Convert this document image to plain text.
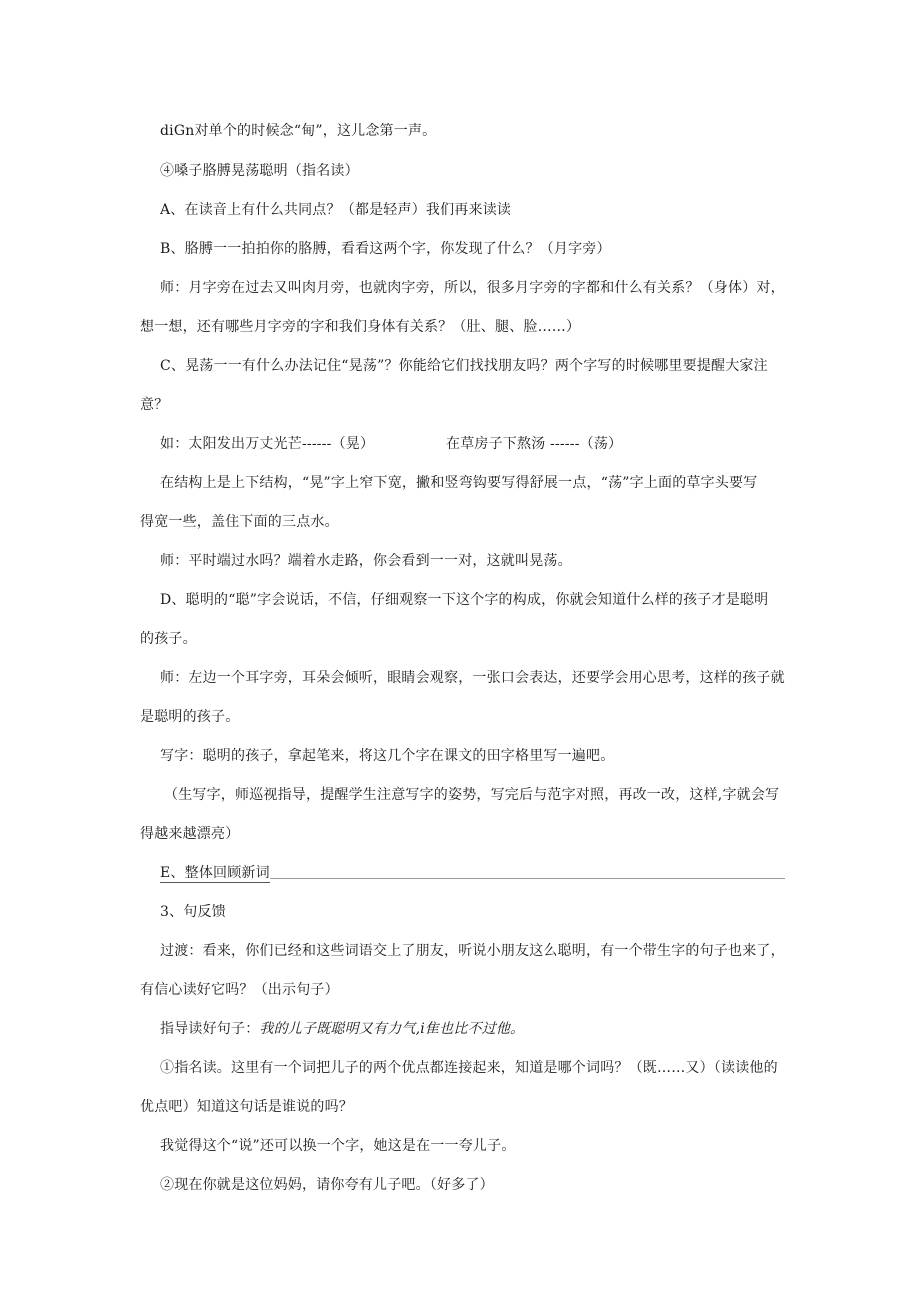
diGn对单个的时候念“甸”，这儿念第一声。
④嗓子胳膊晃荡聪明（指名读）
A、在读音上有什么共同点？（都是轻声）我们再来读读
B、胳膊一一拍拍你的胳膊，看看这两个字，你发现了什么？（月字旁）
师：月字旁在过去又叫肉月旁，也就肉字旁，所以，很多月字旁的字都和什么有关系？（身体）对，
想一想，还有哪些月字旁的字和我们身体有关系？（肚、腿、脸……）
C、晃荡一一有什么办法记住“晃荡”？你能给它们找找朋友吗？两个字写的时候哪里要提醒大家注
意？
如：太阳发出万丈光芒------（晃）	在草房子下熬汤 ------（荡）
在结构上是上下结构，“晃”字上窄下宽，撇和竖弯钩要写得舒展一点，“荡”字上面的草字头要写
得宽一些，盖住下面的三点水。
师：平时端过水吗？端着水走路，你会看到一一对，这就叫晃荡。
D、聪明的“聪”字会说话，不信，仔细观察一下这个字的构成，你就会知道什么样的孩子才是聪明
的孩子。
师：左边一个耳字旁，耳朵会倾听，眼睛会观察，一张口会表达，还要学会用心思考，这样的孩子就
是聪明的孩子。
写字：聪明的孩子，拿起笔来，将这几个字在课文的田字格里写一遍吧。
（生写字，师巡视指导，提醒学生注意写字的姿势，写完后与范字对照，再改一改，这样,字就会写
得越来越漂亮）
E、整体回顾新词
3、句反馈
过渡：看来，你们已经和这些词语交上了朋友，听说小朋友这么聪明，有一个带生字的句子也来了，
有信心读好它吗？（出示句子）
指导读好句子：我的儿子既聪明又有力气,i隹也比不过他。
①指名读。这里有一个词把儿子的两个优点都连接起来，知道是哪个词吗？（既……又）（读读他的
优点吧）知道这句话是谁说的吗？
我觉得这个“说”还可以换一个字，她这是在一一夸儿子。
②现在你就是这位妈妈，请你夸有儿子吧。（好多了）
